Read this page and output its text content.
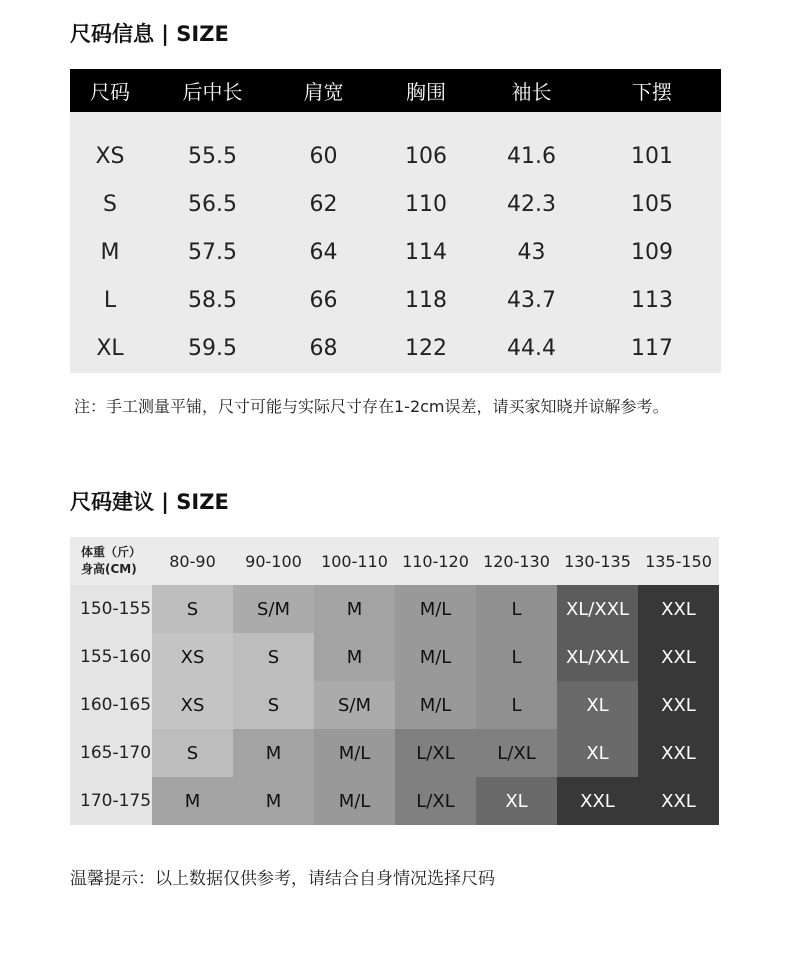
尺码信息 | SIZE
尺码	后中长	肩宽	胸围	袖长	下摆
XS	55.5	60	106	41.6	101
S	56.5	62	110	42.3	105
M	57.5	64	114	43	109
L	58.5	66	118	43.7	113
XL	59.5	68	122	44.4	117
注：手工测量平铺，尺寸可能与实际尺寸存在1-2cm误差，请买家知晓并谅解参考。
尺码建议 | SIZE
体重（斤）
身高(CM)	80-90	90-100	100-110 110-120 120-130 130-135 135-150
150-155	S	S/M	M	M/L	L	XL/XXL	XXL
155-160	XS	S	M	M/L	L	XL/XXL	XXL
160-165	XS	S	S/M	M/L	L	XL	XXL
165-170	S	M	M/L	L/XL	L/XL	XL	XXL
170-175	M	M	M/L	L/XL	XL	XXL	XXL
温馨提示：以上数据仅供参考，请结合自身情况选择尺码
